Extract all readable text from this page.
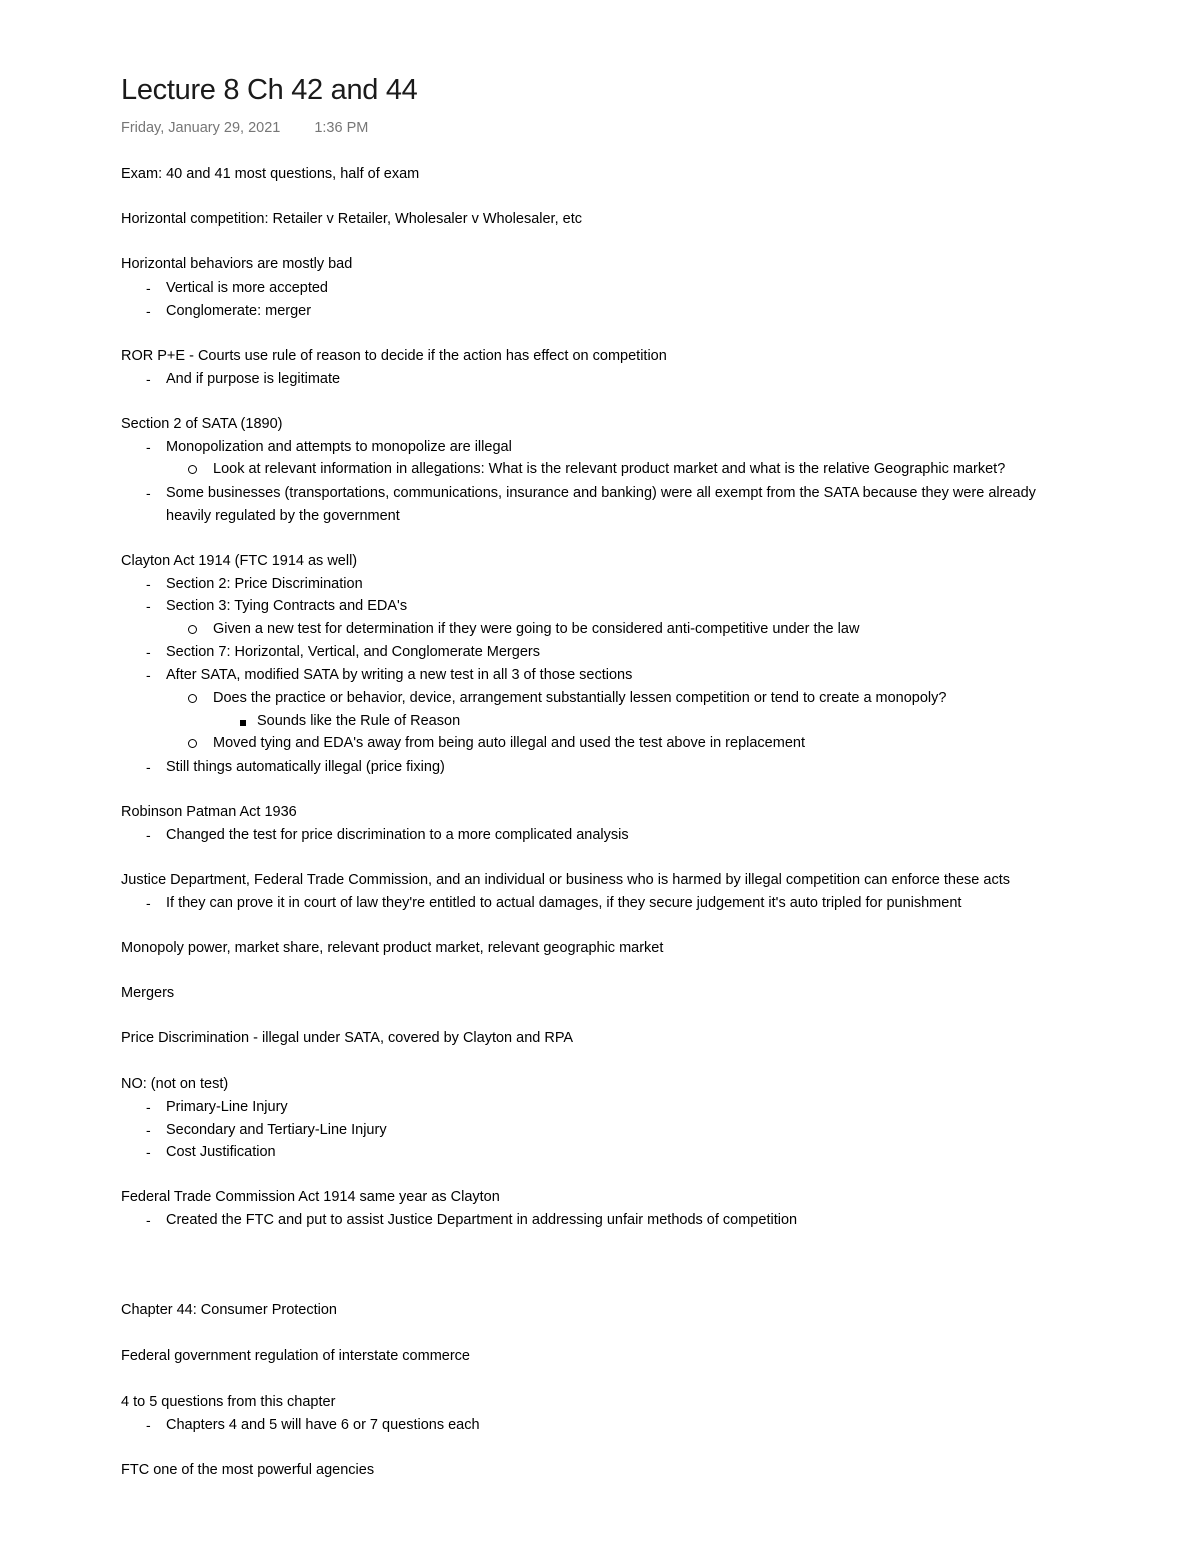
Lecture 8 Ch 42 and 44
Friday, January 29, 2021 1:36 PM
Exam: 40 and 41 most questions, half of exam
Horizontal competition: Retailer v Retailer, Wholesaler v Wholesaler, etc
Horizontal behaviors are mostly bad
Vertical is more accepted
-
Conglomerate: merger
-
ROR P+E - Courts use rule of reason to decide if the action has effect on competition
And if purpose is legitimate
-
Section 2 of SATA (1890)
Monopolization and attempts to monopolize are illegal
-
Look at relevant information in allegations: What is the relevant product market and what is the relative Geographic market?
Some businesses (transportations, communications, insurance and banking) were all exempt from the SATA because they were already
-
heavily regulated by the government
Clayton Act 1914 (FTC 1914 as well)
Section 2: Price Discrimination
-
Section 3: Tying Contracts and EDA's
-
Given a new test for determination if they were going to be considered anti-competitive under the law
Section 7: Horizontal, Vertical, and Conglomerate Mergers
-
After SATA, modified SATA by writing a new test in all 3 of those sections
-
Does the practice or behavior, device, arrangement substantially lessen competition or tend to create a monopoly?
Sounds like the Rule of Reason
Moved tying and EDA's away from being auto illegal and used the test above in replacement
Still things automatically illegal (price fixing)
-
Robinson Patman Act 1936
Changed the test for price discrimination to a more complicated analysis
-
Justice Department, Federal Trade Commission, and an individual or business who is harmed by illegal competition can enforce these acts
If they can prove it in court of law they're entitled to actual damages, if they secure judgement it's auto tripled for punishment
-
Monopoly power, market share, relevant product market, relevant geographic market
Mergers
Price Discrimination - illegal under SATA, covered by Clayton and RPA
NO: (not on test)
Primary-Line Injury
-
Secondary and Tertiary-Line Injury
-
Cost Justification
-
Federal Trade Commission Act 1914 same year as Clayton
Created the FTC and put to assist Justice Department in addressing unfair methods of competition
-
Chapter 44: Consumer Protection
Federal government regulation of interstate commerce
4 to 5 questions from this chapter
Chapters 4 and 5 will have 6 or 7 questions each
-
FTC one of the most powerful agencies
